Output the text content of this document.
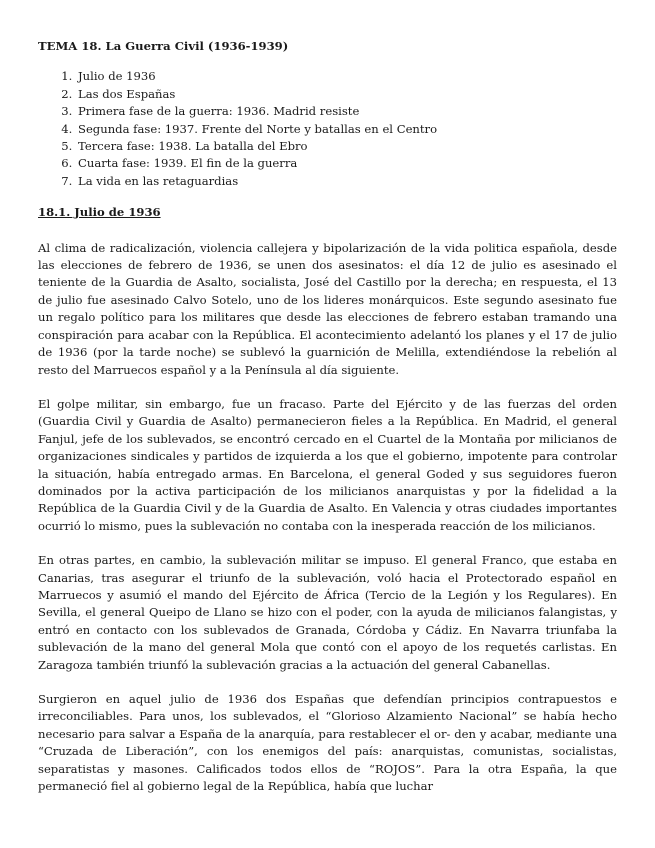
TEMA 18. La Guerra Civil (1936-1939)
1. Julio de 1936
2. Las dos Españas
3. Primera fase de la guerra: 1936. Madrid resiste
4. Segunda fase: 1937. Frente del Norte y batallas en el Centro
5. Tercera fase: 1938. La batalla del Ebro
6. Cuarta fase: 1939. El fin de la guerra
7. La vida en las retaguardias
18.1. Julio de 1936

Al clima de radicalización, violencia callejera y bipolarización de la vida politica española, desde las elecciones de febrero de 1936, se unen dos asesinatos: el día 12 de julio es asesinado el teniente de la Guardia de Asalto, socialista, José del Castillo por la derecha; en respuesta, el 13 de julio fue asesinado Calvo Sotelo, uno de los lideres monárquicos. Este segundo asesinato fue un regalo político para los militares que desde las elecciones de febrero estaban tramando una conspiración para acabar con la República. El acontecimiento adelantó los planes y el 17 de julio de 1936 (por la tarde noche) se sublevó la guarnición de Melilla, extendiéndose la rebelión al resto del Marruecos español y a la Península al día siguiente.

El golpe militar, sin embargo, fue un fracaso. Parte del Ejército y de las fuerzas del orden (Guardia Civil y Guardia de Asalto) permanecieron fieles a la República. En Madrid, el general Fanjul, jefe de los sublevados, se encontró cercado en el Cuartel de la Montaña por milicianos de organizaciones sindicales y partidos de izquierda a los que el gobierno, impotente para controlar la situación, había entregado armas. En Barcelona, el general Goded y sus seguidores fueron dominados por la activa participación de los milicianos anarquistas y por la fidelidad a la República de la Guardia Civil y de la Guardia de Asalto. En Valencia y otras ciudades importantes ocurrió lo mismo, pues la sublevación no contaba con la inesperada reacción de los milicianos.

En otras partes, en cambio, la sublevación militar se impuso. El general Franco, que estaba en Canarias, tras asegurar el triunfo de la sublevación, voló hacia el Protectorado español en Marruecos y asumió el mando del Ejército de África (Tercio de la Legión y los Regulares). En Sevilla, el general Queipo de Llano se hizo con el poder, con la ayuda de milicianos falangistas, y entró en contacto con los sublevados de Granada, Córdoba y Cádiz. En Navarra triunfaba la sublevación de la mano del general Mola que contó con el apoyo de los requetés carlistas. En Zaragoza también triunfó la sublevación gracias a la actuación del general Cabanellas.

Surgieron en aquel julio de 1936 dos Españas que defendían principios contrapuestos e irreconciliables. Para unos, los sublevados, el “Glorioso Alzamiento Nacional” se había hecho necesario para salvar a España de la anarquía, para restablecer el or- den y acabar, mediante una “Cruzada de Liberación”, con los enemigos del país: anarquistas, comunistas, socialistas, separatistas y masones. Calificados todos ellos de “ROJOS”. Para la otra España, la que permaneció fiel al gobierno legal de la República, había que luchar
